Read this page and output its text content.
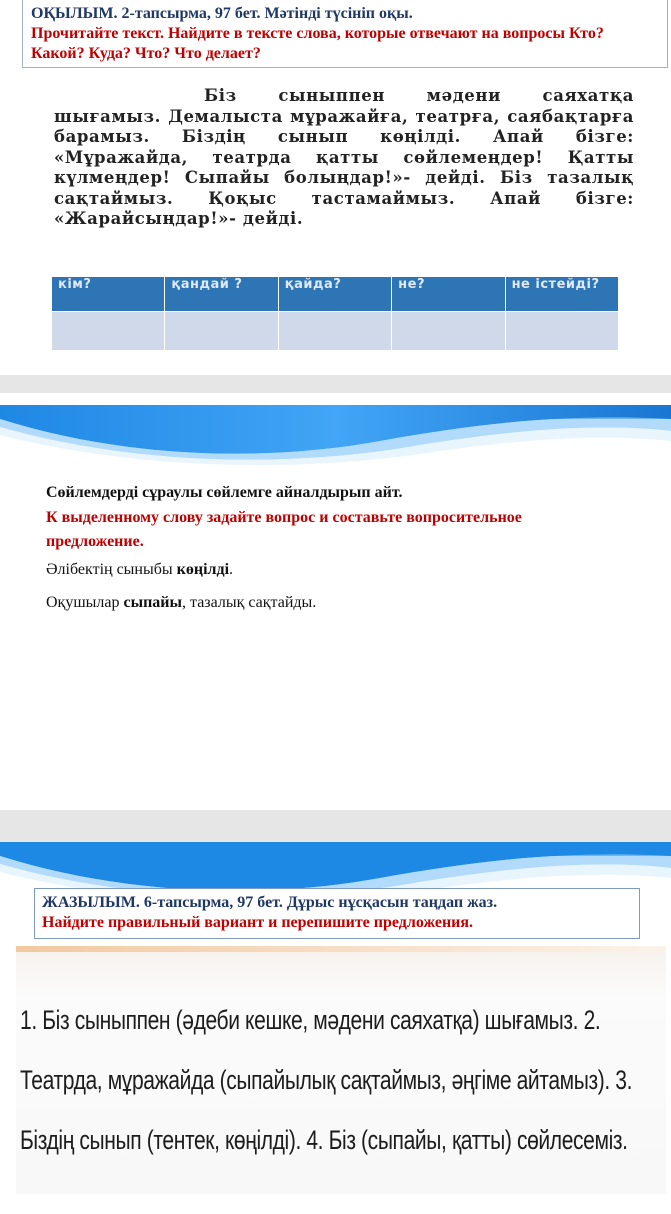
ОҚЫЛЫМ. 2-тапсырма, 97 бет. Мәтінді түсініп оқы.
Прочитайте текст. Найдите в тексте слова, которые отвечают на вопросы Кто? Какой? Куда? Что? Что делает?
Біз сыныппен мәдени саяхатқа шығамыз. Демалыста мұражайға, театрға, саябақтарға барамыз. Біздің сынып көңілді. Апай бізге: «Мұражайда, театрда қатты сөйлемеңдер! Қатты күлмеңдер! Сыпайы болыңдар!»- дейді. Біз тазалық сақтаймыз. Қоқыс тастамаймыз. Апай бізге: «Жарайсыңдар!»- дейді.
кім?	қандай ?	қайда?	не?	не істейді?

Сөйлемдерді сұраулы сөйлемге айналдырып айт.
К выделенному слову задайте вопрос и составьте вопросительное предложение.
Әлібектің сыныбы көңілді.
Оқушылар сыпайы, тазалық сақтайды.
ЖАЗЫЛЫМ. 6-тапсырма, 97 бет. Дұрыс нұсқасын таңдап жаз.
Найдите правильный вариант и перепишите предложения.
1. Біз сыныппен (әдеби кешке, мәдени саяхатқа) шығамыз. 2. Театрда, мұражайда (сыпайылық сақтаймыз, әңгіме айтамыз). 3. Біздің сынып (тентек, көңілді). 4. Біз (сыпайы, қатты) сөйлесеміз.
